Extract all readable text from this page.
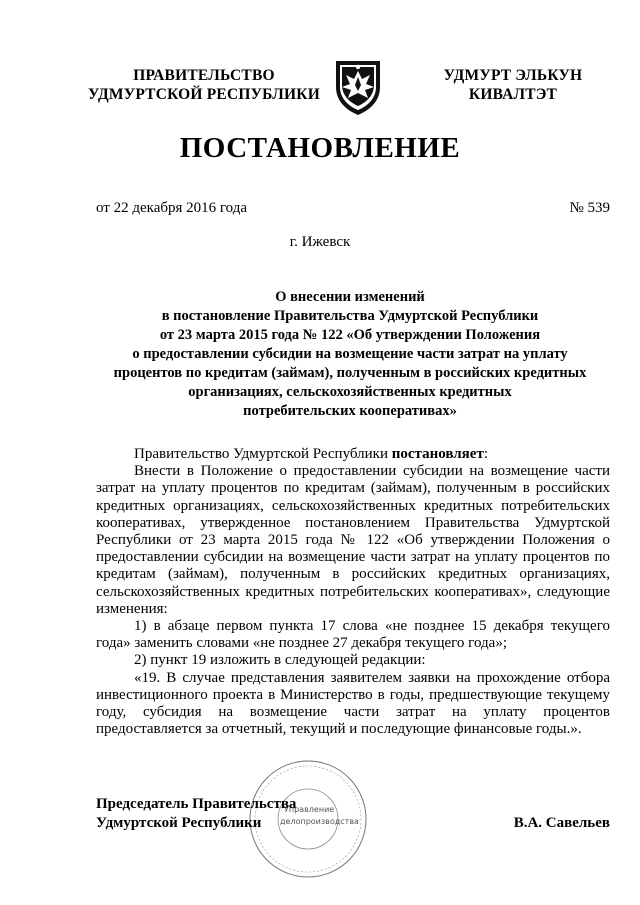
ПРАВИТЕЛЬСТВО
УДМУРТСКОЙ РЕСПУБЛИКИ
УДМУРТ ЭЛЬКУН
КИВАЛТЭТ
ПОСТАНОВЛЕНИЕ
от 22 декабря 2016 года	№ 539
г. Ижевск
О внесении изменений
в постановление Правительства Удмуртской Республики
от 23 марта 2015 года № 122 «Об утверждении Положения
о предоставлении субсидии на возмещение части затрат на уплату
процентов по кредитам (займам), полученным в российских кредитных
организациях, сельскохозяйственных кредитных
потребительских кооперативах»

Правительство Удмуртской Республики постановляет:

Внести в Положение о предоставлении субсидии на возмещение части затрат на уплату процентов по кредитам (займам), полученным в российских кредитных организациях, сельскохозяйственных кредитных потребительских кооперативах, утвержденное постановлением Правительства Удмуртской Республики от 23 марта 2015 года № 122 «Об утверждении Положения о предоставлении субсидии на возмещение части затрат на уплату процентов по кредитам (займам), полученным в российских кредитных организациях, сельскохозяйственных кредитных потребительских кооперативах», следующие изменения:

1) в абзаце первом пункта 17 слова «не позднее 15 декабря текущего года» заменить словами «не позднее 27 декабря текущего года»;

2) пункт 19 изложить в следующей редакции:

«19. В случае представления заявителем заявки на прохождение отбора инвестиционного проекта в Министерство в годы, предшествующие текущему году, субсидия на возмещение части затрат на уплату процентов предоставляется за отчетный, текущий и последующие финансовые годы.».

Управление
делопроизводства
Председатель Правительства
Удмуртской Республики	В.А. Савельев
